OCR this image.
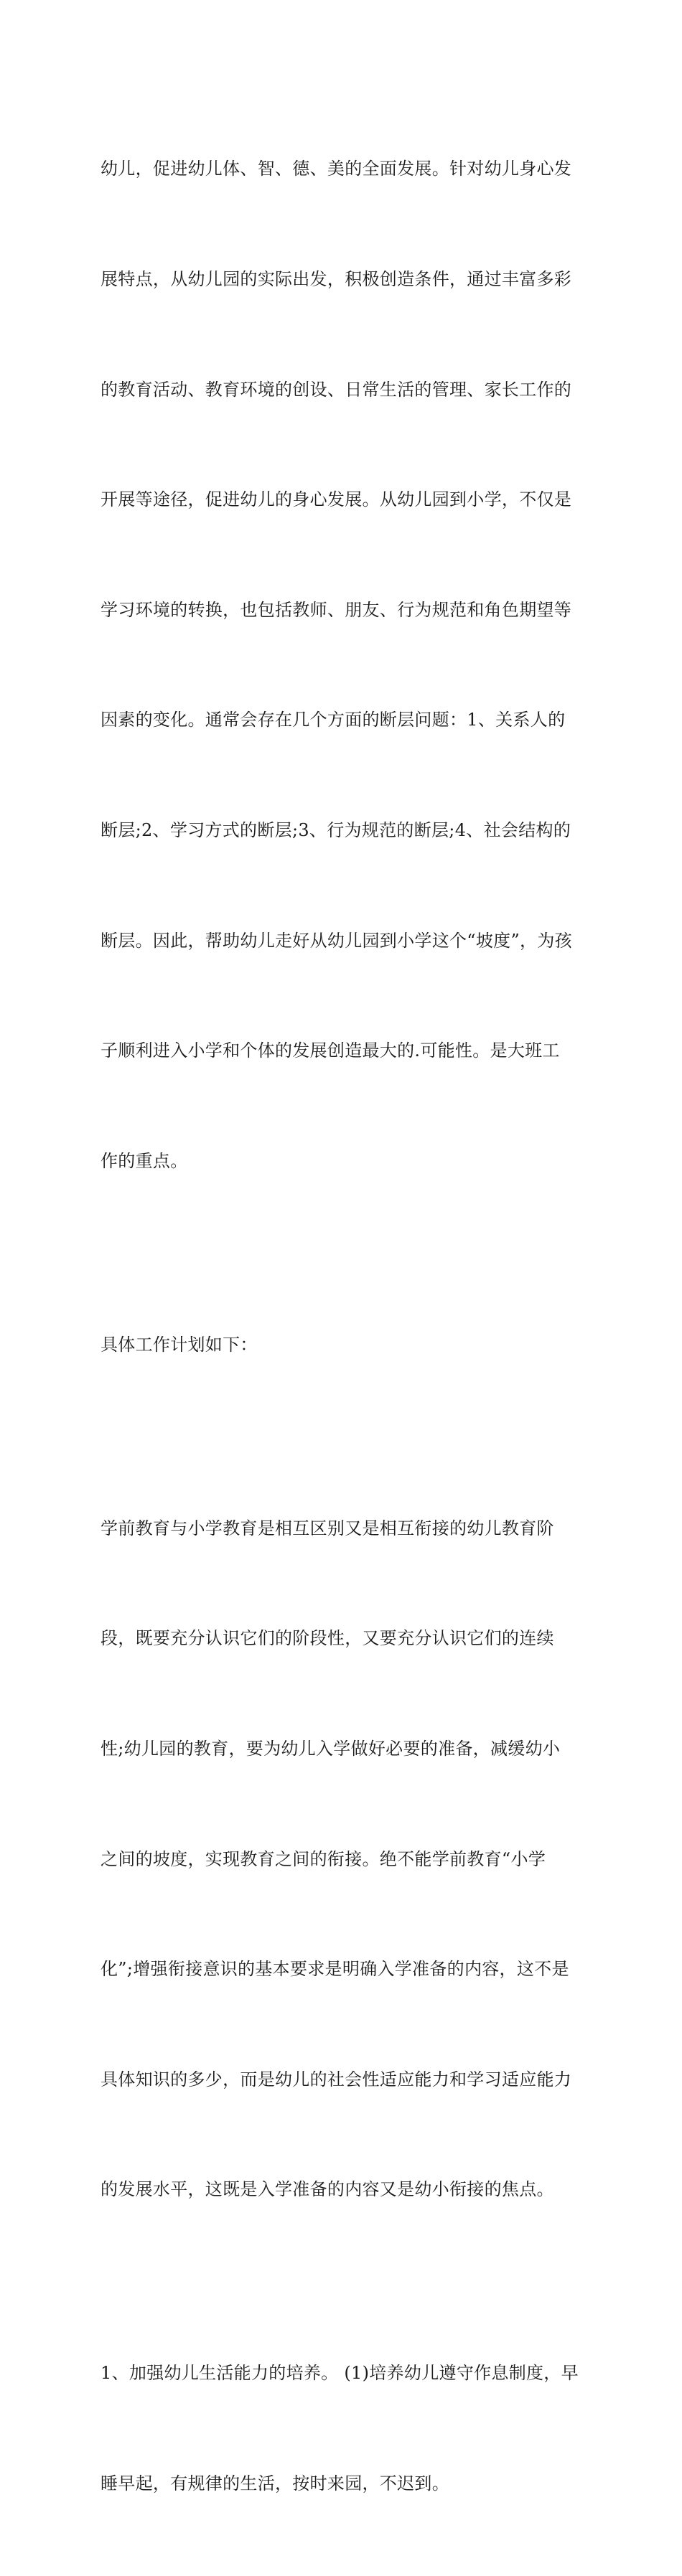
幼儿，促进幼儿体、智、德、美的全面发展。针对幼儿身心发

展特点，从幼儿园的实际出发，积极创造条件，通过丰富多彩

的教育活动、教育环境的创设、日常生活的管理、家长工作的

开展等途径，促进幼儿的身心发展。从幼儿园到小学，不仅是

学习环境的转换，也包括教师、朋友、行为规范和角色期望等

因素的变化。通常会存在几个方面的断层问题：1、关系人的

断层;2、学习方式的断层;3、行为规范的断层;4、社会结构的

断层。因此，帮助幼儿走好从幼儿园到小学这个“坡度”，为孩

子顺利进入小学和个体的发展创造最大的.可能性。是大班工

作的重点。

具体工作计划如下：

学前教育与小学教育是相互区别又是相互衔接的幼儿教育阶

段，既要充分认识它们的阶段性，又要充分认识它们的连续

性;幼儿园的教育，要为幼儿入学做好必要的准备，减缓幼小

之间的坡度，实现教育之间的衔接。绝不能学前教育“小学

化”;增强衔接意识的基本要求是明确入学准备的内容，这不是

具体知识的多少，而是幼儿的社会性适应能力和学习适应能力

的发展水平，这既是入学准备的内容又是幼小衔接的焦点。

1、加强幼儿生活能力的培养。 (1)培养幼儿遵守作息制度，早

睡早起，有规律的生活，按时来园，不迟到。
